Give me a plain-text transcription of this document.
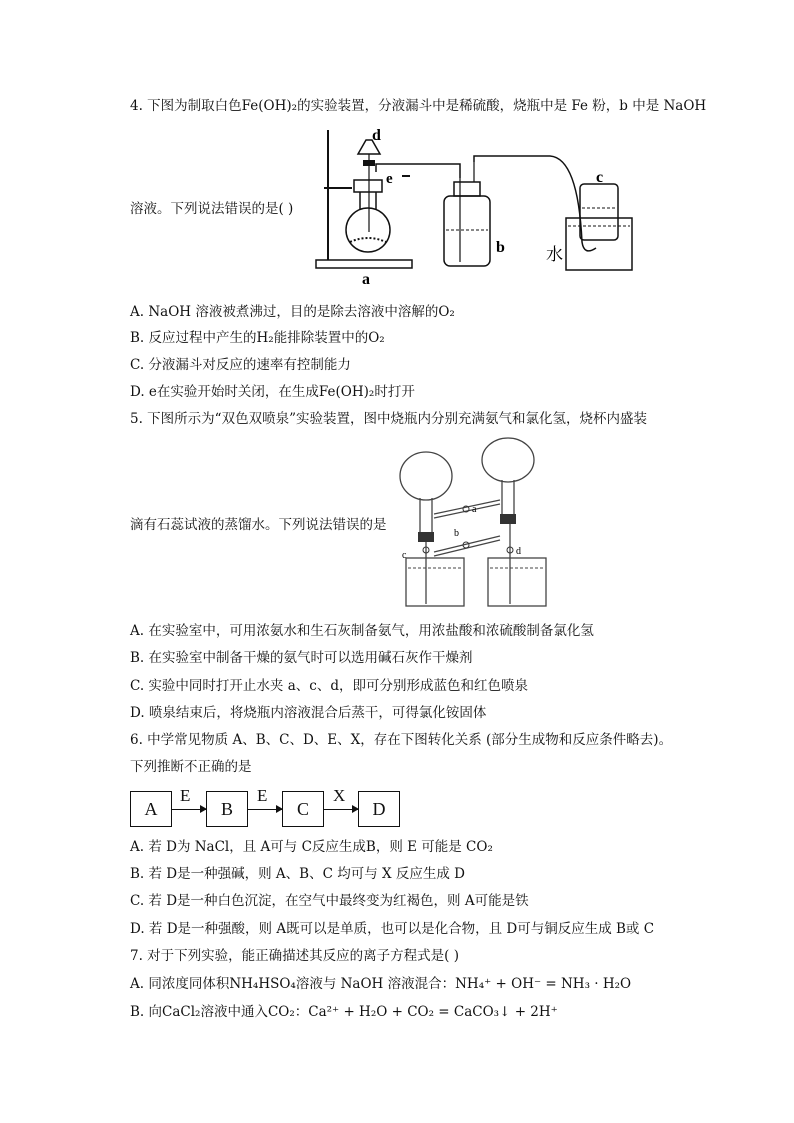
4. 下图为制取白色Fe(OH)₂的实验装置，分液漏斗中是稀硫酸，烧瓶中是 Fe 粉，b 中是 NaOH
d
e	c
b
a
水
溶液。下列说法错误的是( )
A. NaOH 溶液被煮沸过，目的是除去溶液中溶解的O₂
B. 反应过程中产生的H₂能排除装置中的O₂
C. 分液漏斗对反应的速率有控制能力
D. e在实验开始时关闭，在生成Fe(OH)₂时打开
5. 下图所示为“双色双喷泉”实验装置，图中烧瓶内分别充满氨气和氯化氢，烧杯内盛装
a
b
c	d
滴有石蕊试液的蒸馏水。下列说法错误的是
A. 在实验室中，可用浓氨水和生石灰制备氨气，用浓盐酸和浓硫酸制备氯化氢
B. 在实验室中制备干燥的氨气时可以选用碱石灰作干燥剂
C. 实验中同时打开止水夹 a、c、d，即可分别形成蓝色和红色喷泉
D. 喷泉结束后，将烧瓶内溶液混合后蒸干，可得氯化铵固体
6. 中学常见物质 A、B、C、D、E、X，存在下图转化关系 (部分生成物和反应条件略去)。
下列推断不正确的是
A
E
B
E
C
X
D
A. 若 D为 NaCl，且 A可与 C反应生成B，则 E 可能是 CO₂
B. 若 D是一种强碱，则 A、B、C 均可与 X 反应生成 D
C. 若 D是一种白色沉淀，在空气中最终变为红褐色，则 A可能是铁
D. 若 D是一种强酸，则 A既可以是单质，也可以是化合物，且 D可与铜反应生成 B或 C
7. 对于下列实验，能正确描述其反应的离子方程式是( )
A. 同浓度同体积NH₄HSO₄溶液与 NaOH 溶液混合：NH₄⁺ + OH⁻ = NH₃ · H₂O
B. 向CaCl₂溶液中通入CO₂：Ca²⁺ + H₂O + CO₂ = CaCO₃↓ + 2H⁺
